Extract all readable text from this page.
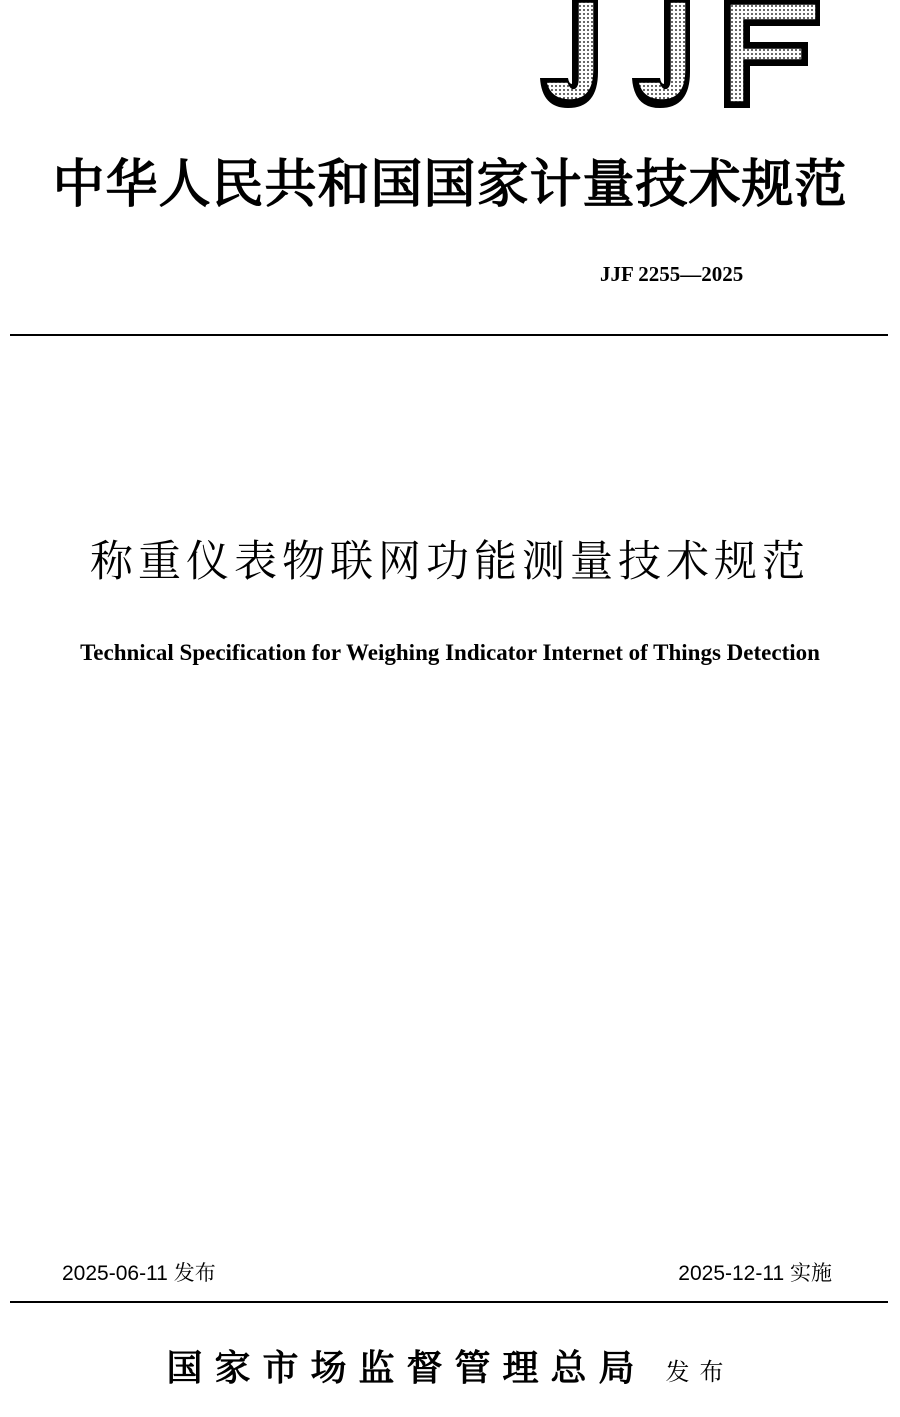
中华人民共和国国家计量技术规范
JJF 2255—2025
称重仪表物联网功能测量技术规范
Technical Specification for Weighing Indicator Internet of Things Detection
2025-06-11 发布	2025-12-11 实施
国家市场监督管理总局 发布
